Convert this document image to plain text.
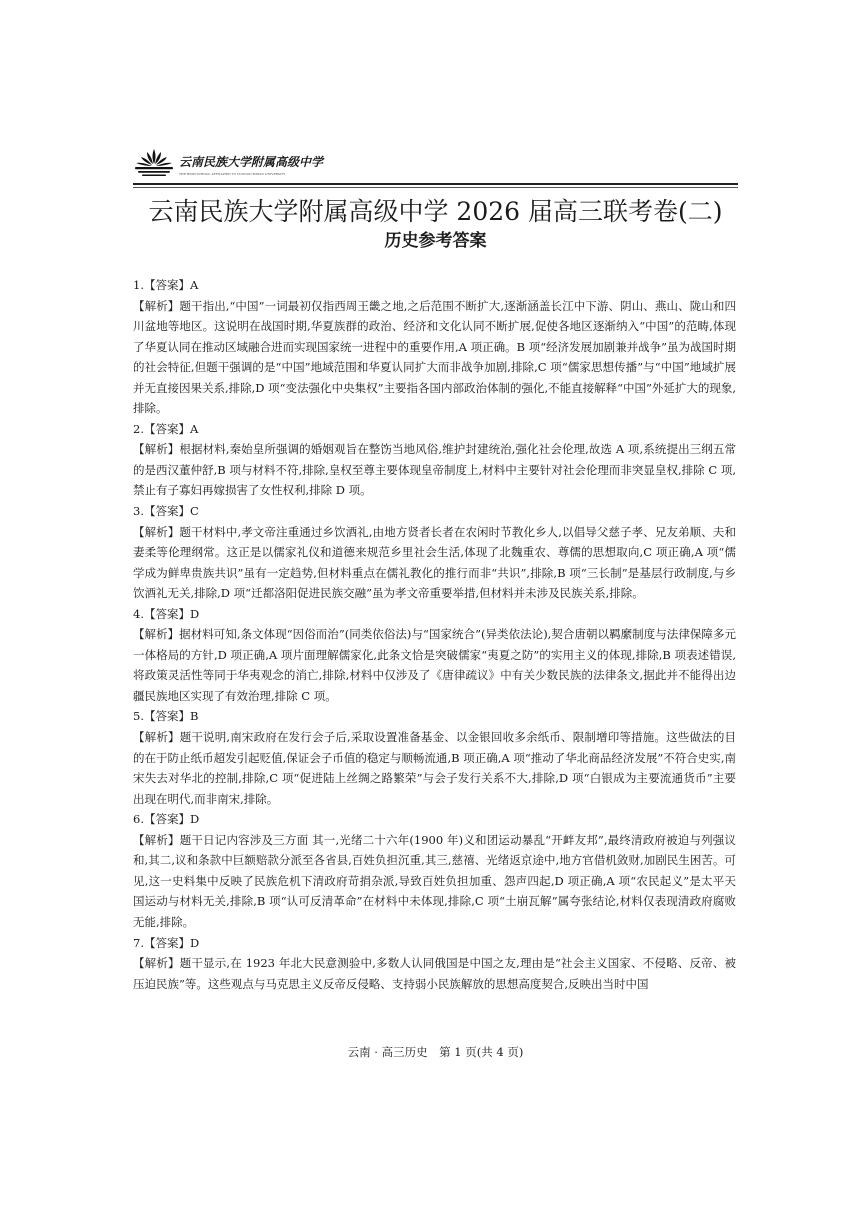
云南民族大学附属高级中学
THE HIGH SCHOOL AFFILIATED TO YUNNAN MINZU UNIVERSITY
云南民族大学附属高级中学 2026 届高三联考卷(二)
历史参考答案

1.【答案】A

【解析】题干指出,“中国”一词最初仅指西周王畿之地,之后范围不断扩大,逐渐涵盖长江中下游、阴山、燕山、陇山和四川盆地等地区。这说明在战国时期,华夏族群的政治、经济和文化认同不断扩展,促使各地区逐渐纳入“中国”的范畴,体现了华夏认同在推动区域融合进而实现国家统一进程中的重要作用,A 项正确。B 项“经济发展加剧兼并战争”虽为战国时期的社会特征,但题干强调的是“中国”地域范围和华夏认同扩大而非战争加剧,排除,C 项“儒家思想传播”与“中国”地域扩展并无直接因果关系,排除,D 项“变法强化中央集权”主要指各国内部政治体制的强化,不能直接解释“中国”外延扩大的现象,排除。

2.【答案】A

【解析】根据材料,秦始皇所强调的婚姻观旨在整饬当地风俗,维护封建统治,强化社会伦理,故选 A 项,系统提出三纲五常的是西汉董仲舒,B 项与材料不符,排除,皇权至尊主要体现皇帝制度上,材料中主要针对社会伦理而非突显皇权,排除 C 项,禁止有子寡妇再嫁损害了女性权利,排除 D 项。

3.【答案】C

【解析】题干材料中,孝文帝注重通过乡饮酒礼,由地方贤者长者在农闲时节教化乡人,以倡导父慈子孝、兄友弟顺、夫和妻柔等伦理纲常。这正是以儒家礼仪和道德来规范乡里社会生活,体现了北魏重农、尊儒的思想取向,C 项正确,A 项“儒学成为鲜卑贵族共识”虽有一定趋势,但材料重点在儒礼教化的推行而非“共识”,排除,B 项“三长制”是基层行政制度,与乡饮酒礼无关,排除,D 项“迁都洛阳促进民族交融”虽为孝文帝重要举措,但材料并未涉及民族关系,排除。

4.【答案】D

【解析】据材料可知,条文体现“因俗而治”(同类依俗法)与“国家统合”(异类依法论),契合唐朝以羁縻制度与法律保障多元一体格局的方针,D 项正确,A 项片面理解儒家化,此条文恰是突破儒家“夷夏之防”的实用主义的体现,排除,B 项表述错误,将政策灵活性等同于华夷观念的消亡,排除,材料中仅涉及了《唐律疏议》中有关少数民族的法律条文,据此并不能得出边疆民族地区实现了有效治理,排除 C 项。

5.【答案】B

【解析】题干说明,南宋政府在发行会子后,采取设置准备基金、以金银回收多余纸币、限制增印等措施。这些做法的目的在于防止纸币超发引起贬值,保证会子币值的稳定与顺畅流通,B 项正确,A 项“推动了华北商品经济发展”不符合史实,南宋失去对华北的控制,排除,C 项“促进陆上丝绸之路繁荣”与会子发行关系不大,排除,D 项“白银成为主要流通货币”主要出现在明代,而非南宋,排除。

6.【答案】D

【解析】题干日记内容涉及三方面 其一,光绪二十六年(1900 年)义和团运动暴乱“开衅友邦”,最终清政府被迫与列强议和,其二,议和条款中巨额赔款分派至各省县,百姓负担沉重,其三,慈禧、光绪返京途中,地方官借机敛财,加剧民生困苦。可见,这一史料集中反映了民族危机下清政府苛捐杂派,导致百姓负担加重、怨声四起,D 项正确,A 项“农民起义”是太平天国运动与材料无关,排除,B 项“认可反清革命”在材料中未体现,排除,C 项“土崩瓦解”属夸张结论,材料仅表现清政府腐败无能,排除。

7.【答案】D

【解析】题干显示,在 1923 年北大民意测验中,多数人认同俄国是中国之友,理由是“社会主义国家、不侵略、反帝、被压迫民族”等。这些观点与马克思主义反帝反侵略、支持弱小民族解放的思想高度契合,反映出当时中国

云南 · 高三历史　第 1 页(共 4 页)
